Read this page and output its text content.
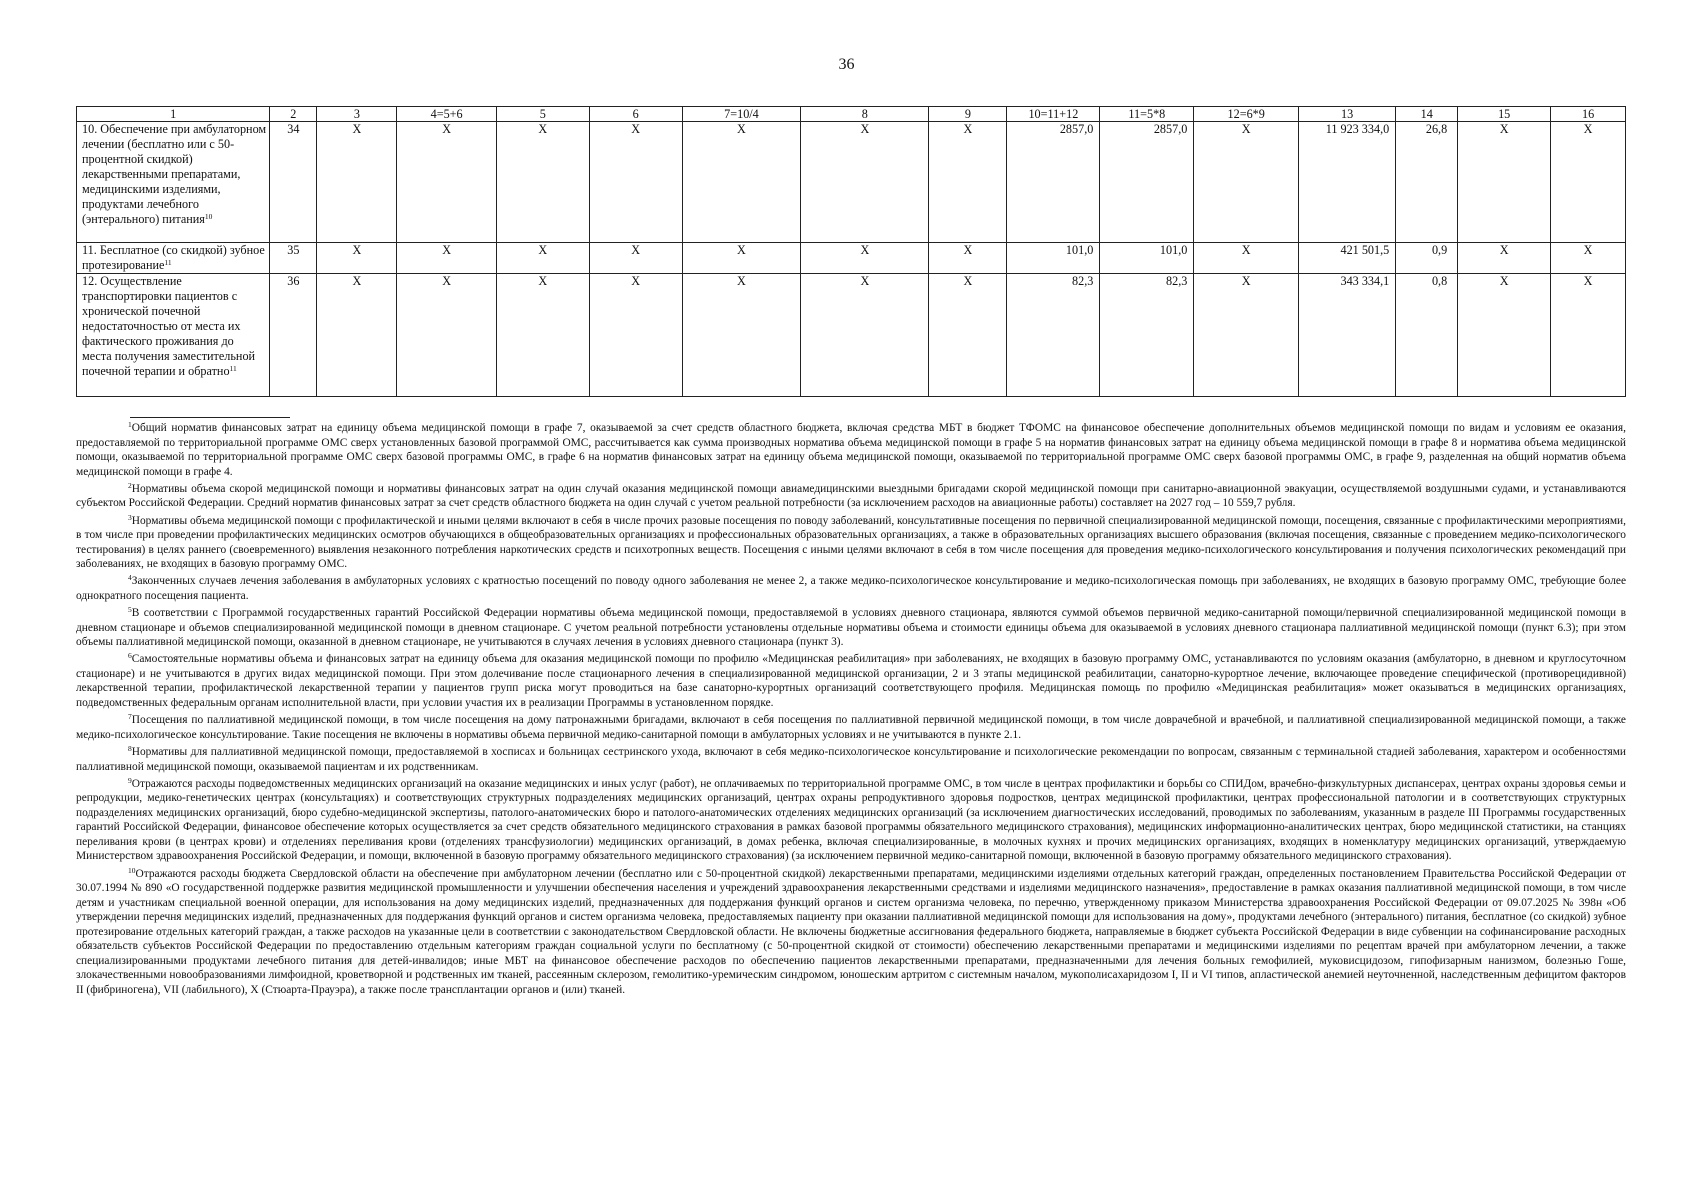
36
1	2	3	4=5+6	5	6	7=10/4	8	9	10=11+12	11=5*8	12=6*9	13	14	15	16
10. Обеспечение при амбулаторном лечении (бесплатно или с 50-процентной скидкой) лекарственными препаратами, медицинскими изделиями, продуктами лечебного (энтерального) питания$^{10}$	34	X	X	X	X	X	X	X	2857,0	2857,0	X	11 923 334,0	26,8	X	X
11. Бесплатное (со скидкой) зубное протезирование$^{11}$	35	X	X	X	X	X	X	X	101,0	101,0	X	421 501,5	0,9	X	X
12. Осуществление транспортировки пациентов с хронической почечной недостаточностью от места их фактического проживания до места получения заместительной почечной терапии и обратно$^{11}$	36	X	X	X	X	X	X	X	82,3	82,3	X	343 334,1	0,8	X	X

$^1$Общий норматив финансовых затрат на единицу объема медицинской помощи в графе 7, оказываемой за счет средств областного бюджета, включая средства МБТ в бюджет ТФОМС на финансовое обеспечение дополнительных объемов медицинской помощи по видам и условиям ее оказания, предоставляемой по территориальной программе ОМС сверх установленных базовой программой ОМС, рассчитывается как сумма производных норматива объема медицинской помощи в графе 5 на норматив финансовых затрат на единицу объема медицинской помощи в графе 8 и норматива объема медицинской помощи, оказываемой по территориальной программе ОМС сверх базовой программы ОМС, в графе 6 на норматив финансовых затрат на единицу объема медицинской помощи, оказываемой по территориальной программе ОМС сверх базовой программы ОМС, в графе 9, разделенная на общий норматив объема медицинской помощи в графе 4.

$^2$Нормативы объема скорой медицинской помощи и нормативы финансовых затрат на один случай оказания медицинской помощи авиамедицинскими выездными бригадами скорой медицинской помощи при санитарно-авиационной эвакуации, осуществляемой воздушными судами, и устанавливаются субъектом Российской Федерации. Средний норматив финансовых затрат за счет средств областного бюджета на один случай с учетом реальной потребности (за исключением расходов на авиационные работы) составляет на 2027 год – 10 559,7 рубля.

$^3$Нормативы объема медицинской помощи с профилактической и иными целями включают в себя в числе прочих разовые посещения по поводу заболеваний, консультативные посещения по первичной специализированной медицинской помощи, посещения, связанные с профилактическими мероприятиями, в том числе при проведении профилактических медицинских осмотров обучающихся в общеобразовательных организациях и профессиональных образовательных организациях, а также в образовательных организациях высшего образования (включая посещения, связанные с проведением медико-психологического тестирования) в целях раннего (своевременного) выявления незаконного потребления наркотических средств и психотропных веществ. Посещения с иными целями включают в себя в том числе посещения для проведения медико-психологического консультирования и получения психологических рекомендаций при заболеваниях, не входящих в базовую программу ОМС.

$^4$Законченных случаев лечения заболевания в амбулаторных условиях с кратностью посещений по поводу одного заболевания не менее 2, а также медико-психологическое консультирование и медико-психологическая помощь при заболеваниях, не входящих в базовую программу ОМС, требующие более однократного посещения пациента.

$^5$В соответствии с Программой государственных гарантий Российской Федерации нормативы объема медицинской помощи, предоставляемой в условиях дневного стационара, являются суммой объемов первичной медико-санитарной помощи/первичной специализированной медицинской помощи в дневном стационаре и объемов специализированной медицинской помощи в дневном стационаре. С учетом реальной потребности установлены отдельные нормативы объема и стоимости единицы объема для оказываемой в условиях дневного стационара паллиативной медицинской помощи (пункт 6.3); при этом объемы паллиативной медицинской помощи, оказанной в дневном стационаре, не учитываются в случаях лечения в условиях дневного стационара (пункт 3).

$^6$Самостоятельные нормативы объема и финансовых затрат на единицу объема для оказания медицинской помощи по профилю «Медицинская реабилитация» при заболеваниях, не входящих в базовую программу ОМС, устанавливаются по условиям оказания (амбулаторно, в дневном и круглосуточном стационаре) и не учитываются в других видах медицинской помощи. При этом долечивание после стационарного лечения в специализированной медицинской организации, 2 и 3 этапы медицинской реабилитации, санаторно-курортное лечение, включающее проведение специфической (противорецидивной) лекарственной терапии, профилактической лекарственной терапии у пациентов групп риска могут проводиться на базе санаторно-курортных организаций соответствующего профиля. Медицинская помощь по профилю «Медицинская реабилитация» может оказываться в медицинских организациях, подведомственных федеральным органам исполнительной власти, при условии участия их в реализации Программы в установленном порядке.

$^7$Посещения по паллиативной медицинской помощи, в том числе посещения на дому патронажными бригадами, включают в себя посещения по паллиативной первичной медицинской помощи, в том числе доврачебной и врачебной, и паллиативной специализированной медицинской помощи, а также медико-психологическое консультирование. Такие посещения не включены в нормативы объема первичной медико-санитарной помощи в амбулаторных условиях и не учитываются в пункте 2.1.

$^8$Нормативы для паллиативной медицинской помощи, предоставляемой в хосписах и больницах сестринского ухода, включают в себя медико-психологическое консультирование и психологические рекомендации по вопросам, связанным с терминальной стадией заболевания, характером и особенностями паллиативной медицинской помощи, оказываемой пациентам и их родственникам.

$^9$Отражаются расходы подведомственных медицинских организаций на оказание медицинских и иных услуг (работ), не оплачиваемых по территориальной программе ОМС, в том числе в центрах профилактики и борьбы со СПИДом, врачебно-физкультурных диспансерах, центрах охраны здоровья семьи и репродукции, медико-генетических центрах (консультациях) и соответствующих структурных подразделениях медицинских организаций, центрах охраны репродуктивного здоровья подростков, центрах медицинской профилактики, центрах профессиональной патологии и в соответствующих структурных подразделениях медицинских организаций, бюро судебно-медицинской экспертизы, патолого-анатомических бюро и патолого-анатомических отделениях медицинских организаций (за исключением диагностических исследований, проводимых по заболеваниям, указанным в разделе III Программы государственных гарантий Российской Федерации, финансовое обеспечение которых осуществляется за счет средств обязательного медицинского страхования в рамках базовой программы обязательного медицинского страхования), медицинских информационно-аналитических центрах, бюро медицинской статистики, на станциях переливания крови (в центрах крови) и отделениях переливания крови (отделениях трансфузиологии) медицинских организаций, в домах ребенка, включая специализированные, в молочных кухнях и прочих медицинских организациях, входящих в номенклатуру медицинских организаций, утверждаемую Министерством здравоохранения Российской Федерации, и помощи, включенной в базовую программу обязательного медицинского страхования) (за исключением первичной медико-санитарной помощи, включенной в базовую программу обязательного медицинского страхования).

$^{10}$Отражаются расходы бюджета Свердловской области на обеспечение при амбулаторном лечении (бесплатно или с 50-процентной скидкой) лекарственными препаратами, медицинскими изделиями отдельных категорий граждан, определенных постановлением Правительства Российской Федерации от 30.07.1994 № 890 «О государственной поддержке развития медицинской промышленности и улучшении обеспечения населения и учреждений здравоохранения лекарственными средствами и изделиями медицинского назначения», предоставление в рамках оказания паллиативной медицинской помощи, в том числе детям и участникам специальной военной операции, для использования на дому медицинских изделий, предназначенных для поддержания функций органов и систем организма человека, по перечню, утвержденному приказом Министерства здравоохранения Российской Федерации от 09.07.2025 № 398н «Об утверждении перечня медицинских изделий, предназначенных для поддержания функций органов и систем организма человека, предоставляемых пациенту при оказании паллиативной медицинской помощи для использования на дому», продуктами лечебного (энтерального) питания, бесплатное (со скидкой) зубное протезирование отдельных категорий граждан, а также расходов на указанные цели в соответствии с законодательством Свердловской области. Не включены бюджетные ассигнования федерального бюджета, направляемые в бюджет субъекта Российской Федерации в виде субвенции на софинансирование расходных обязательств субъектов Российской Федерации по предоставлению отдельным категориям граждан социальной услуги по бесплатному (с 50-процентной скидкой от стоимости) обеспечению лекарственными препаратами и медицинскими изделиями по рецептам врачей при амбулаторном лечении, а также специализированными продуктами лечебного питания для детей-инвалидов; иные МБТ на финансовое обеспечение расходов по обеспечению пациентов лекарственными препаратами, предназначенными для лечения больных гемофилией, муковисцидозом, гипофизарным нанизмом, болезнью Гоше, злокачественными новообразованиями лимфоидной, кроветворной и родственных им тканей, рассеянным склерозом, гемолитико-уремическим синдромом, юношеским артритом с системным началом, мукополисахаридозом I, II и VI типов, апластической анемией неуточненной, наследственным дефицитом факторов II (фибриногена), VII (лабильного), X (Стюарта-Прауэра), а также после трансплантации органов и (или) тканей.
